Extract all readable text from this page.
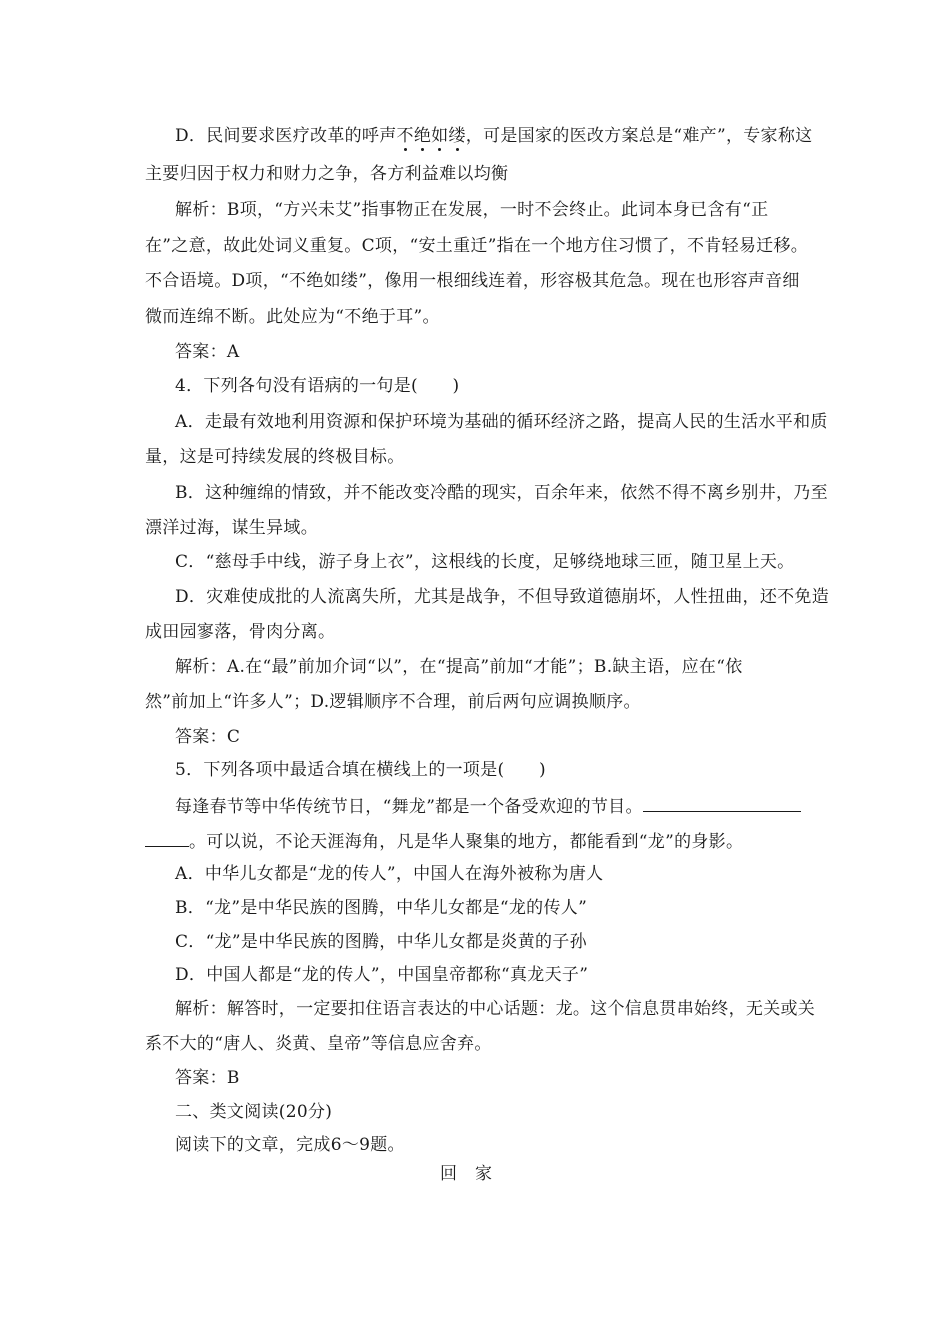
D．民间要求医疗改革的呼声不绝如缕，可是国家的医改方案总是“难产”，专家称这
主要归因于权力和财力之争，各方利益难以均衡
解析：B项，“方兴未艾”指事物正在发展，一时不会终止。此词本身已含有“正
在”之意，故此处词义重复。C项，“安土重迁”指在一个地方住习惯了，不肯轻易迁移。
不合语境。D项，“不绝如缕”，像用一根细线连着，形容极其危急。现在也形容声音细
微而连绵不断。此处应为“不绝于耳”。
答案：A
4．下列各句没有语病的一句是(　　)
A．走最有效地利用资源和保护环境为基础的循环经济之路，提高人民的生活水平和质
量，这是可持续发展的终极目标。
B．这种缠绵的情致，并不能改变冷酷的现实，百余年来，依然不得不离乡别井，乃至
漂洋过海，谋生异域。
C．“慈母手中线，游子身上衣”，这根线的长度，足够绕地球三匝，随卫星上天。
D．灾难使成批的人流离失所，尤其是战争，不但导致道德崩坏，人性扭曲，还不免造
成田园寥落，骨肉分离。
解析：A.在“最”前加介词“以”，在“提高”前加“才能”；B.缺主语，应在“依
然”前加上“许多人”；D.逻辑顺序不合理，前后两句应调换顺序。
答案：C
5．下列各项中最适合填在横线上的一项是(　　)
每逢春节等中华传统节日，“舞龙”都是一个备受欢迎的节目。
。可以说，不论天涯海角，凡是华人聚集的地方，都能看到“龙”的身影。
A．中华儿女都是“龙的传人”，中国人在海外被称为唐人
B．“龙”是中华民族的图腾，中华儿女都是“龙的传人”
C．“龙”是中华民族的图腾，中华儿女都是炎黄的子孙
D．中国人都是“龙的传人”，中国皇帝都称“真龙天子”
解析：解答时，一定要扣住语言表达的中心话题：龙。这个信息贯串始终，无关或关
系不大的“唐人、炎黄、皇帝”等信息应舍弃。
答案：B
二、类文阅读(20分)
阅读下的文章，完成6～9题。
回家
